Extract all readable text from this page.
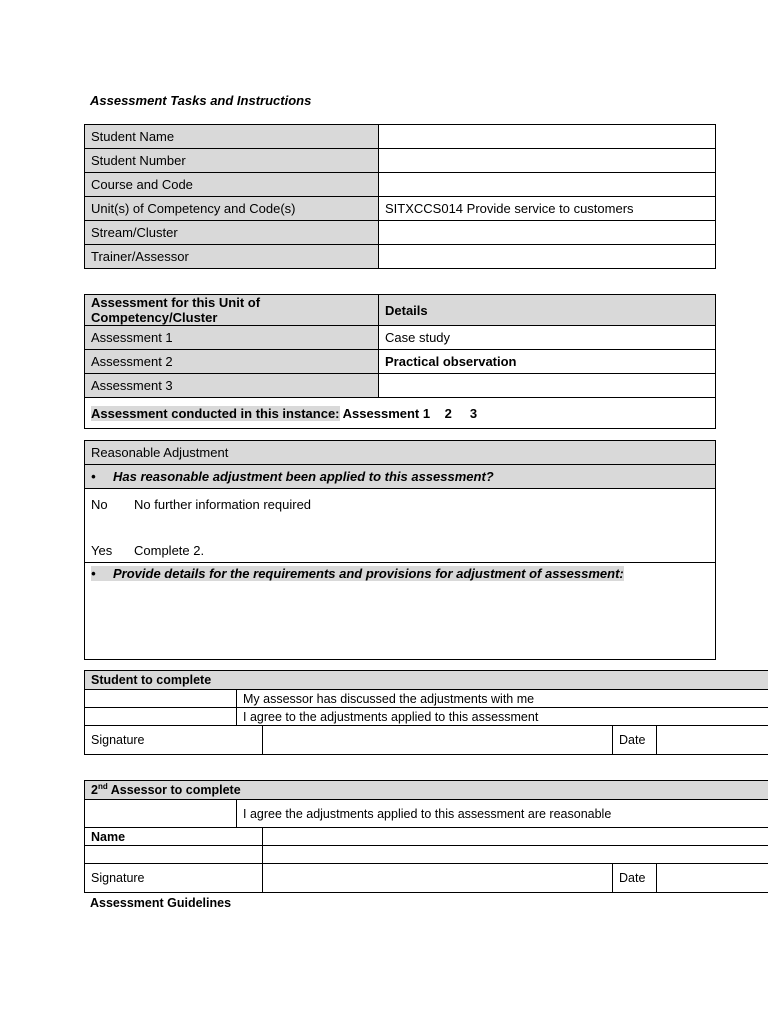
Assessment Tasks and Instructions
Student Name	
Student Number	
Course and Code	
Unit(s) of Competency and Code(s)	SITXCCS014 Provide service to customers
Stream/Cluster	
Trainer/Assessor	
Assessment for this Unit of Competency/Cluster	Details
Assessment 1	Case study
Assessment 2	Practical observation
Assessment 3	
Assessment conducted in this instance: Assessment 1 2 3	
Reasonable Adjustment
• Has reasonable adjustment been applied to this assessment?

No	No further information required
Yes	Complete 2.

• Provide details for the requirements and provisions for adjustment of assessment:
Student to complete				
	My assessor has discussed the adjustments with me			
	I agree to the adjustments applied to this assessment			
Signature			Date	
2nd Assessor to complete				
	I agree the adjustments applied to this assessment are reasonable			
Name				

Signature			Date	
Assessment Guidelines
